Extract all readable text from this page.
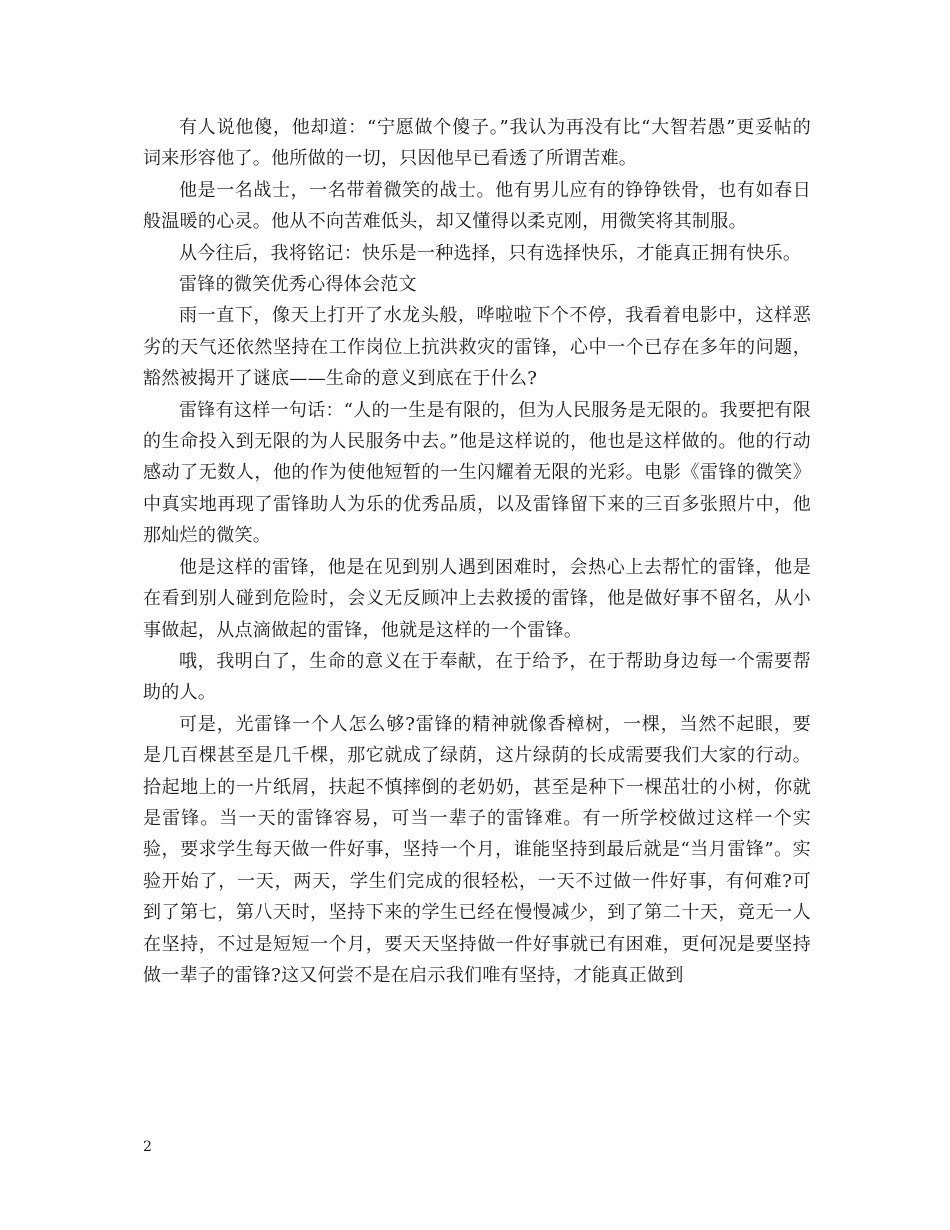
有人说他傻，他却道：“宁愿做个傻子。”我认为再没有比“大智若愚”更妥帖的词来形容他了。他所做的一切，只因他早已看透了所谓苦难。

他是一名战士，一名带着微笑的战士。他有男儿应有的铮铮铁骨，也有如春日般温暖的心灵。他从不向苦难低头，却又懂得以柔克刚，用微笑将其制服。

从今往后，我将铭记：快乐是一种选择，只有选择快乐，才能真正拥有快乐。

雷锋的微笑优秀心得体会范文

雨一直下，像天上打开了水龙头般，哗啦啦下个不停，我看着电影中，这样恶劣的天气还依然坚持在工作岗位上抗洪救灾的雷锋，心中一个已存在多年的问题，豁然被揭开了谜底——生命的意义到底在于什么?

雷锋有这样一句话：“人的一生是有限的，但为人民服务是无限的。我要把有限的生命投入到无限的为人民服务中去。”他是这样说的，他也是这样做的。他的行动感动了无数人，他的作为使他短暂的一生闪耀着无限的光彩。电影《雷锋的微笑》中真实地再现了雷锋助人为乐的优秀品质，以及雷锋留下来的三百多张照片中，他那灿烂的微笑。

他是这样的雷锋，他是在见到别人遇到困难时，会热心上去帮忙的雷锋，他是在看到别人碰到危险时，会义无反顾冲上去救援的雷锋，他是做好事不留名，从小事做起，从点滴做起的雷锋，他就是这样的一个雷锋。

哦，我明白了，生命的意义在于奉献，在于给予，在于帮助身边每一个需要帮助的人。

可是，光雷锋一个人怎么够?雷锋的精神就像香樟树，一棵，当然不起眼，要是几百棵甚至是几千棵，那它就成了绿荫，这片绿荫的长成需要我们大家的行动。拾起地上的一片纸屑，扶起不慎摔倒的老奶奶，甚至是种下一棵茁壮的小树，你就是雷锋。当一天的雷锋容易，可当一辈子的雷锋难。有一所学校做过这样一个实验，要求学生每天做一件好事，坚持一个月，谁能坚持到最后就是“当月雷锋”。实验开始了，一天，两天，学生们完成的很轻松，一天不过做一件好事，有何难?可到了第七，第八天时，坚持下来的学生已经在慢慢减少，到了第二十天，竟无一人在坚持，不过是短短一个月，要天天坚持做一件好事就已有困难，更何况是要坚持做一辈子的雷锋?这又何尝不是在启示我们唯有坚持，才能真正做到

2
